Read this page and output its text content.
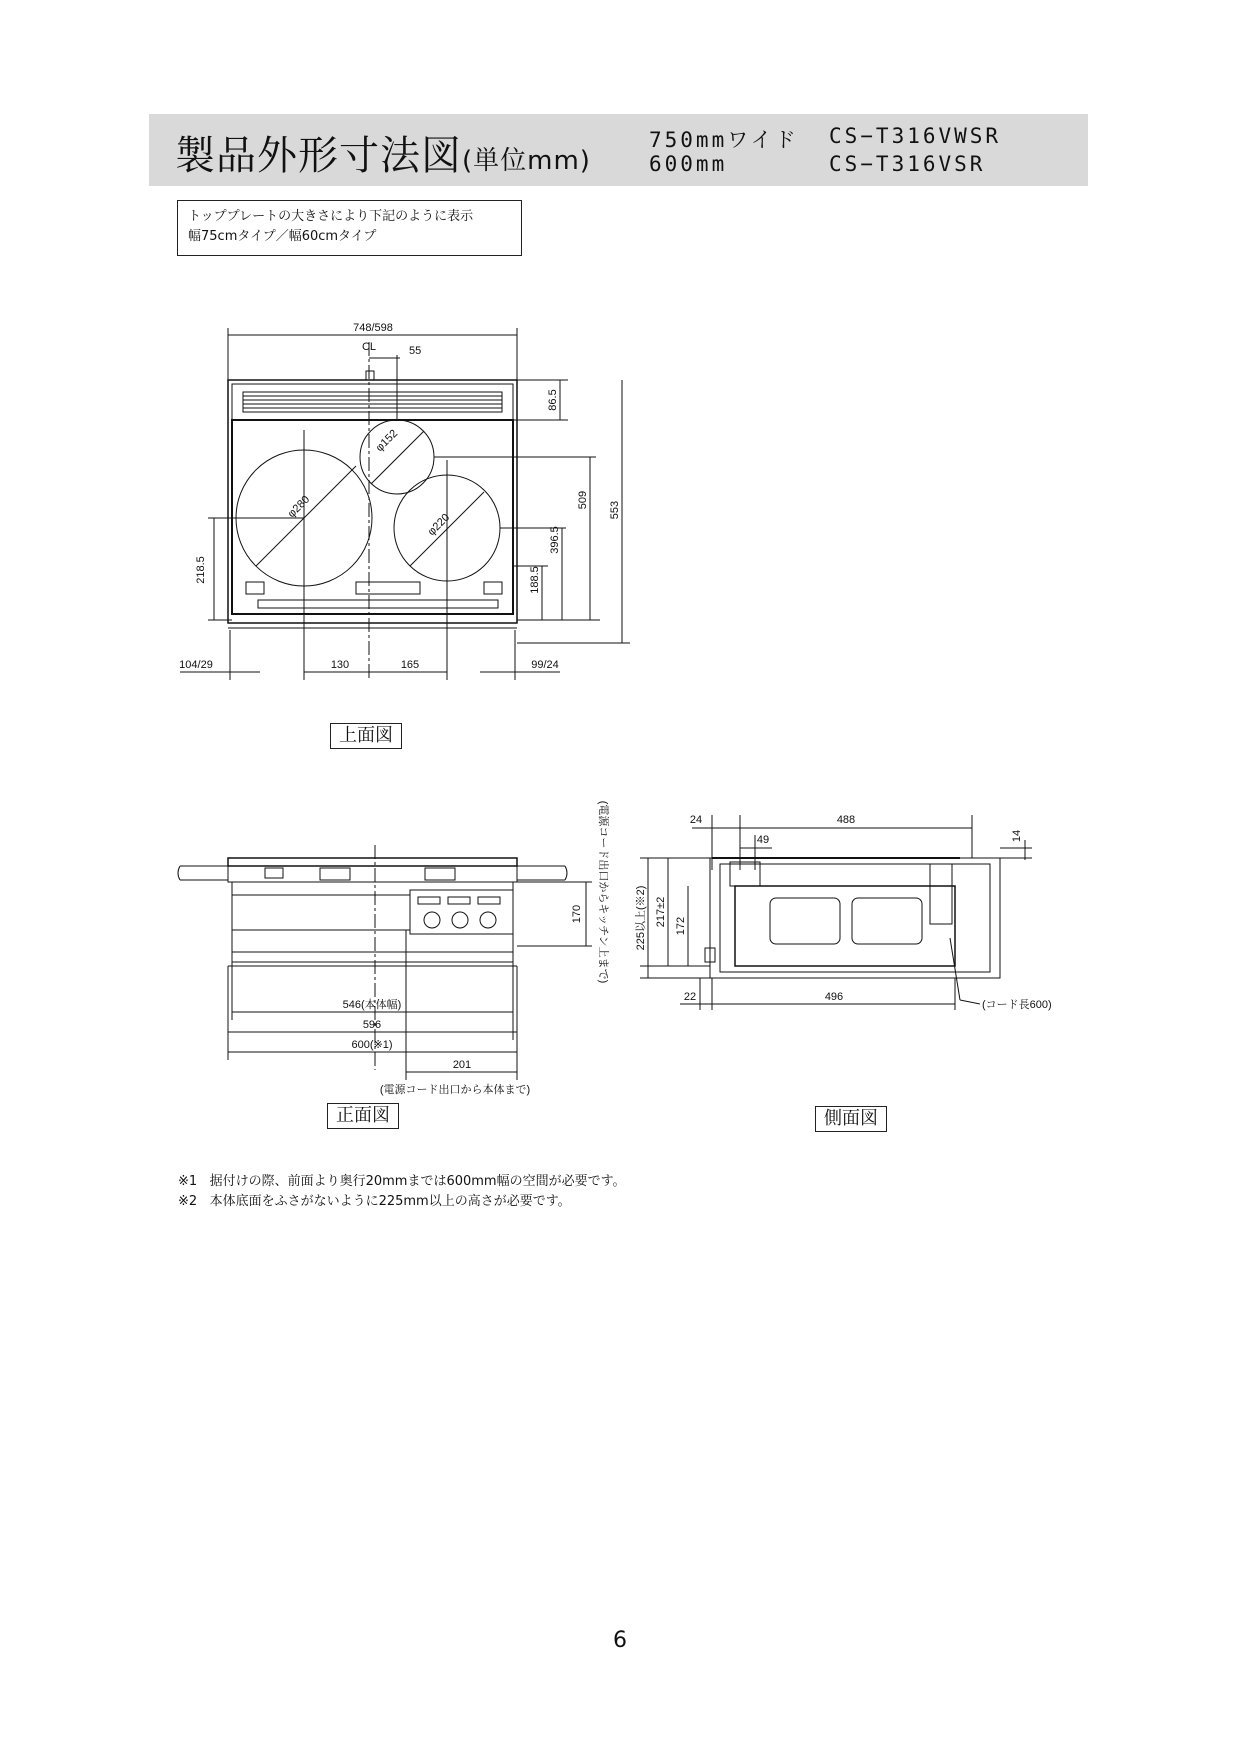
製品外形寸法図(単位mm)
750mmワイド CS−T316VWSR
600mm	CS−T316VSR
トッププレートの大きさにより下記のように表示
幅75cmタイプ／幅60cmタイプ
748/598
CL	55
86.5
509
553
396.5
188.5
218.5
104/29	130	165	99/24
φ152
φ280
φ220
170 (電源コード出口からキッチン上まで)
546(本体幅)
596
600(※1)
201
(電源コード出口から本体まで)
24	488
49	14
225以上(※2) 217±2 172
22	496
(コード長600)
上面図
正面図	側面図
※1 据付けの際、前面より奥行20mmまでは600mm幅の空間が必要です。
※2 本体底面をふさがないように225mm以上の高さが必要です。
6
